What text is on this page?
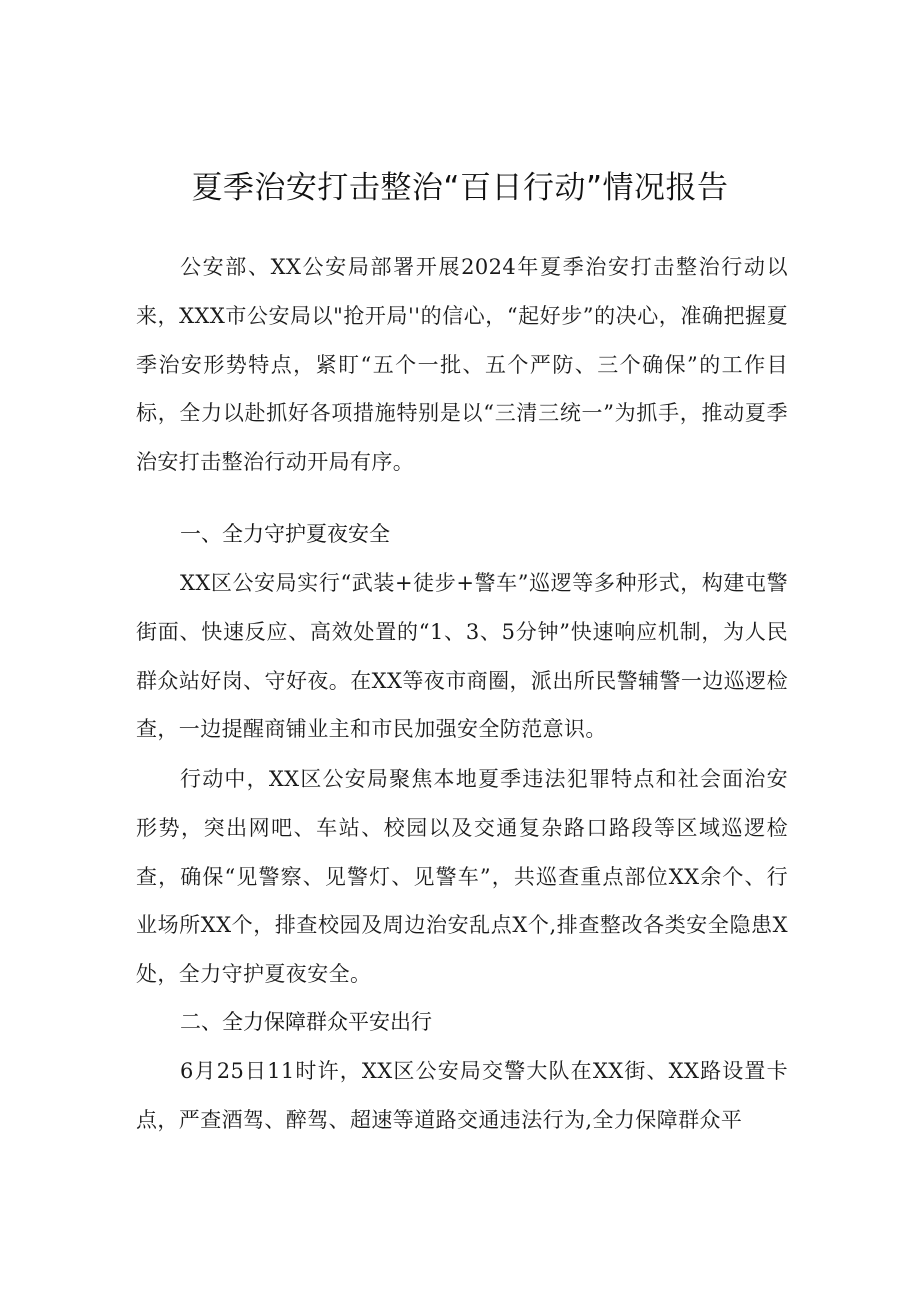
夏季治安打击整治“百日行动”情况报告

公安部、XX公安局部署开展2024年夏季治安打击整治行动以来，XXX市公安局以"抢开局''的信心，“起好步”的决心，准确把握夏季治安形势特点，紧盯“五个一批、五个严防、三个确保”的工作目标，全力以赴抓好各项措施特别是以“三清三统一”为抓手，推动夏季治安打击整治行动开局有序。

一、全力守护夏夜安全

XX区公安局实行“武装+徒步+警车”巡逻等多种形式，构建屯警街面、快速反应、高效处置的“1、3、5分钟”快速响应机制，为人民群众站好岗、守好夜。在XX等夜市商圈，派出所民警辅警一边巡逻检查，一边提醒商铺业主和市民加强安全防范意识。

行动中，XX区公安局聚焦本地夏季违法犯罪特点和社会面治安形势，突出网吧、车站、校园以及交通复杂路口路段等区域巡逻检查，确保“见警察、见警灯、见警车”，共巡查重点部位XX余个、行业场所XX个，排查校园及周边治安乱点X个,排查整改各类安全隐患X处，全力守护夏夜安全。

二、全力保障群众平安出行

6月25日11时许，XX区公安局交警大队在XX街、XX路设置卡点，严查酒驾、醉驾、超速等道路交通违法行为,全力保障群众平
